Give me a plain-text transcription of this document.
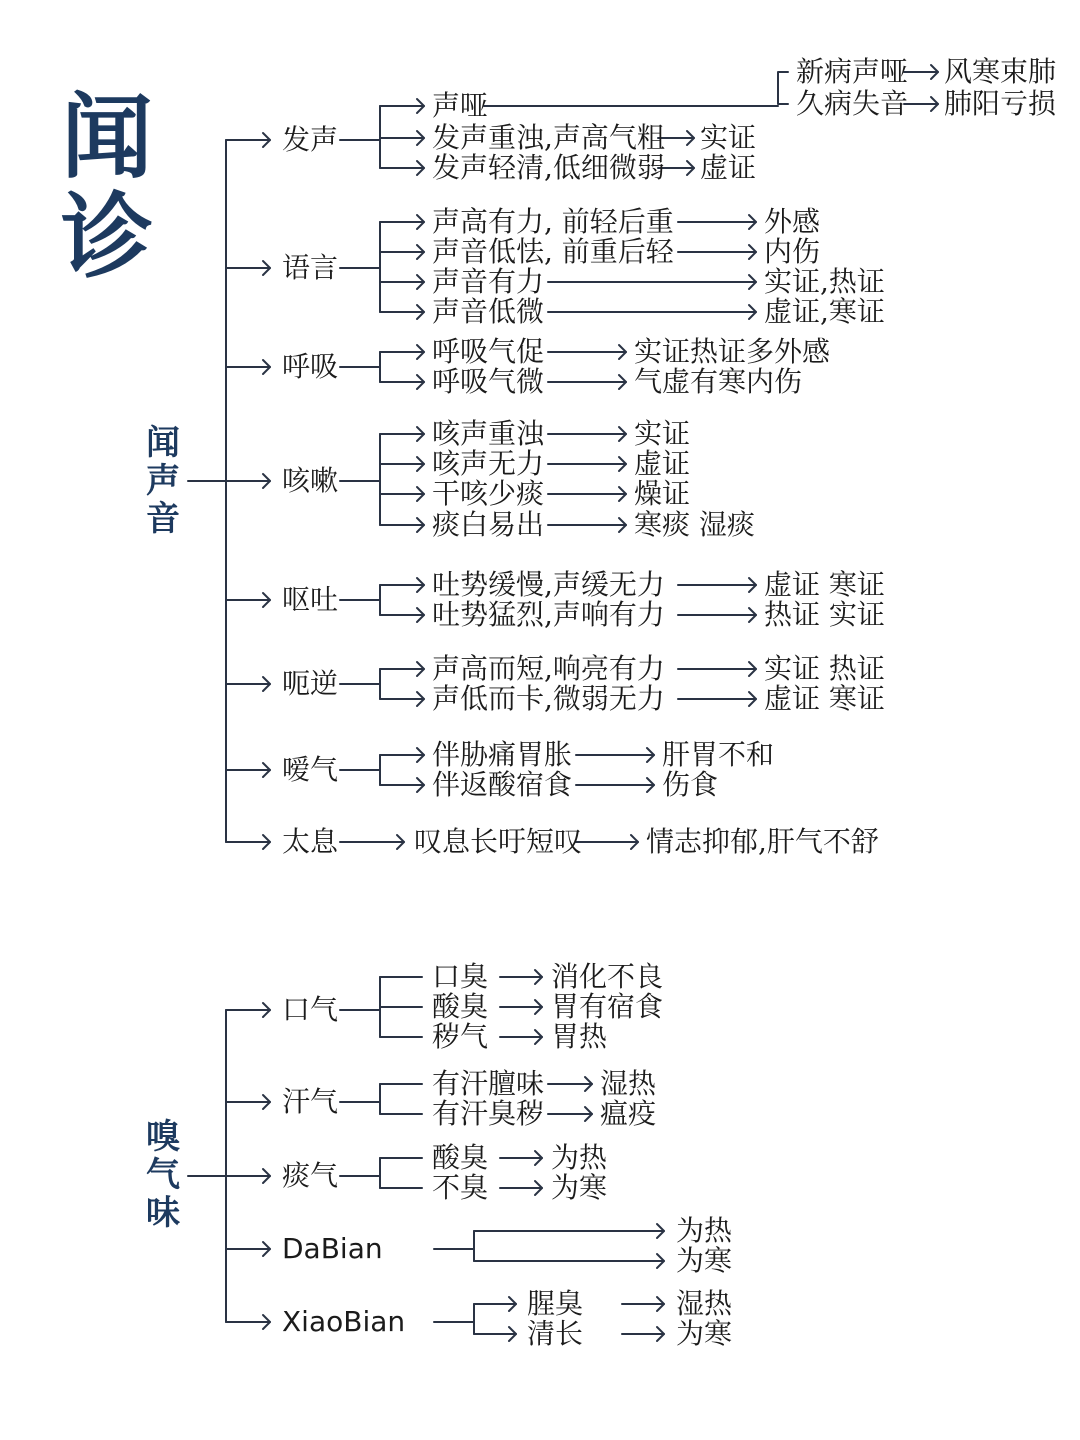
闻
诊
闻
声
音
嗅
气
味
发声
声哑
新病声哑 风寒束肺
久病失音 肺阳亏损
发声重浊,声高气粗 实证
发声轻清,低细微弱 虚证
语言
声高有力, 前轻后重	外感
声音低怯, 前重后轻	内伤
声音有力	实证,热证
声音低微	虚证,寒证
呼吸	呼吸气促	实证热证多外感
呼吸气微	气虚有寒内伤
咳嗽
咳声重浊	实证
咳声无力	虚证
干咳少痰	燥证
痰白易出	寒痰 湿痰
呕吐	吐势缓慢,声缓无力	虚证 寒证
吐势猛烈,声响有力	热证 实证
呃逆	声高而短,响亮有力	实证 热证
声低而卡,微弱无力	虚证 寒证
嗳气	伴胁痛胃胀	肝胃不和
伴返酸宿食	伤食
太息	叹息长吁短叹 情志抑郁,肝气不舒
口气
口臭 消化不良
酸臭 胃有宿食
秽气 胃热
汗气
有汗膻味 湿热
有汗臭秽 瘟疫
痰气
酸臭 为热
不臭 为寒
DaBian
为热
为寒
XiaoBian
腥臭	湿热
清长	为寒
